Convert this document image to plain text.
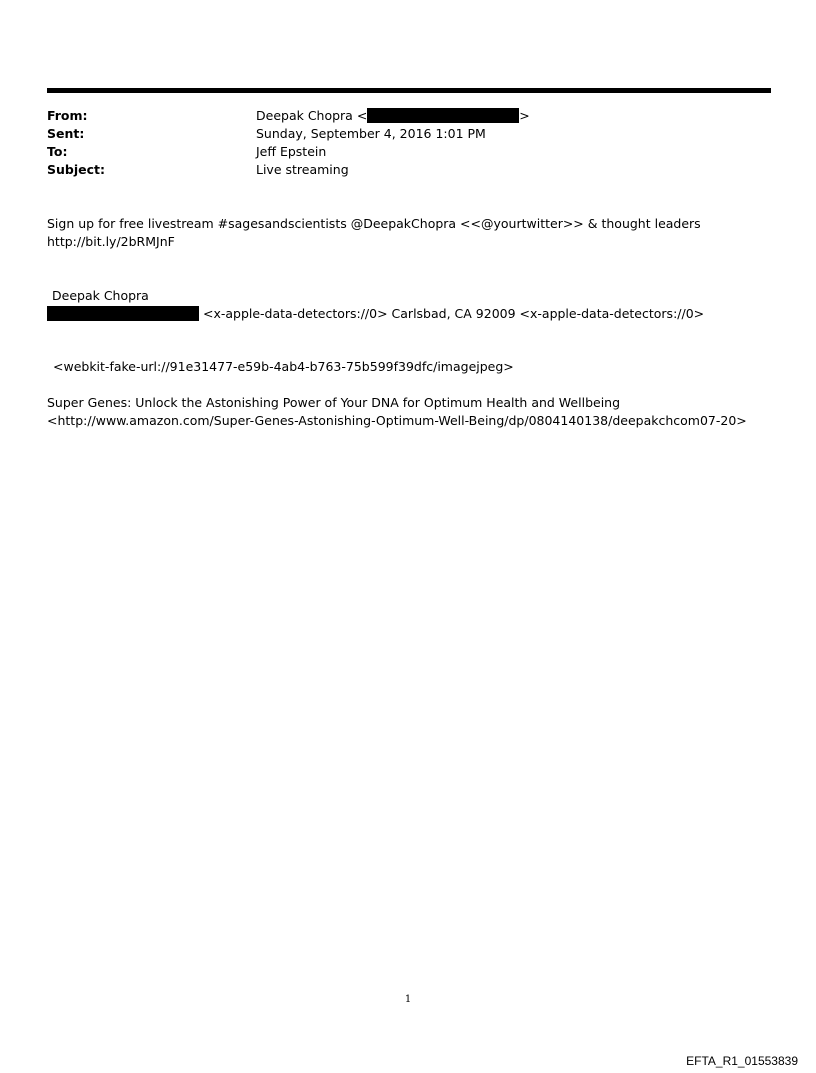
From:	Deepak Chopra <	>
Sent:	Sunday, September 4, 2016 1:01 PM
To:	Jeff Epstein
Subject:	Live streaming
Sign up for free livestream #sagesandscientists @DeepakChopra <<@yourtwitter>> & thought leaders
http://bit.ly/2bRMJnF
Deepak Chopra
<x-apple-data-detectors://0> Carlsbad, CA 92009 <x-apple-data-detectors://0>
<webkit-fake-url://91e31477-e59b-4ab4-b763-75b599f39dfc/imagejpeg>
Super Genes: Unlock the Astonishing Power of Your DNA for Optimum Health and Wellbeing
<http://www.amazon.com/Super-Genes-Astonishing-Optimum-Well-Being/dp/0804140138/deepakchcom07-20>
1
EFTA_R1_01553839
